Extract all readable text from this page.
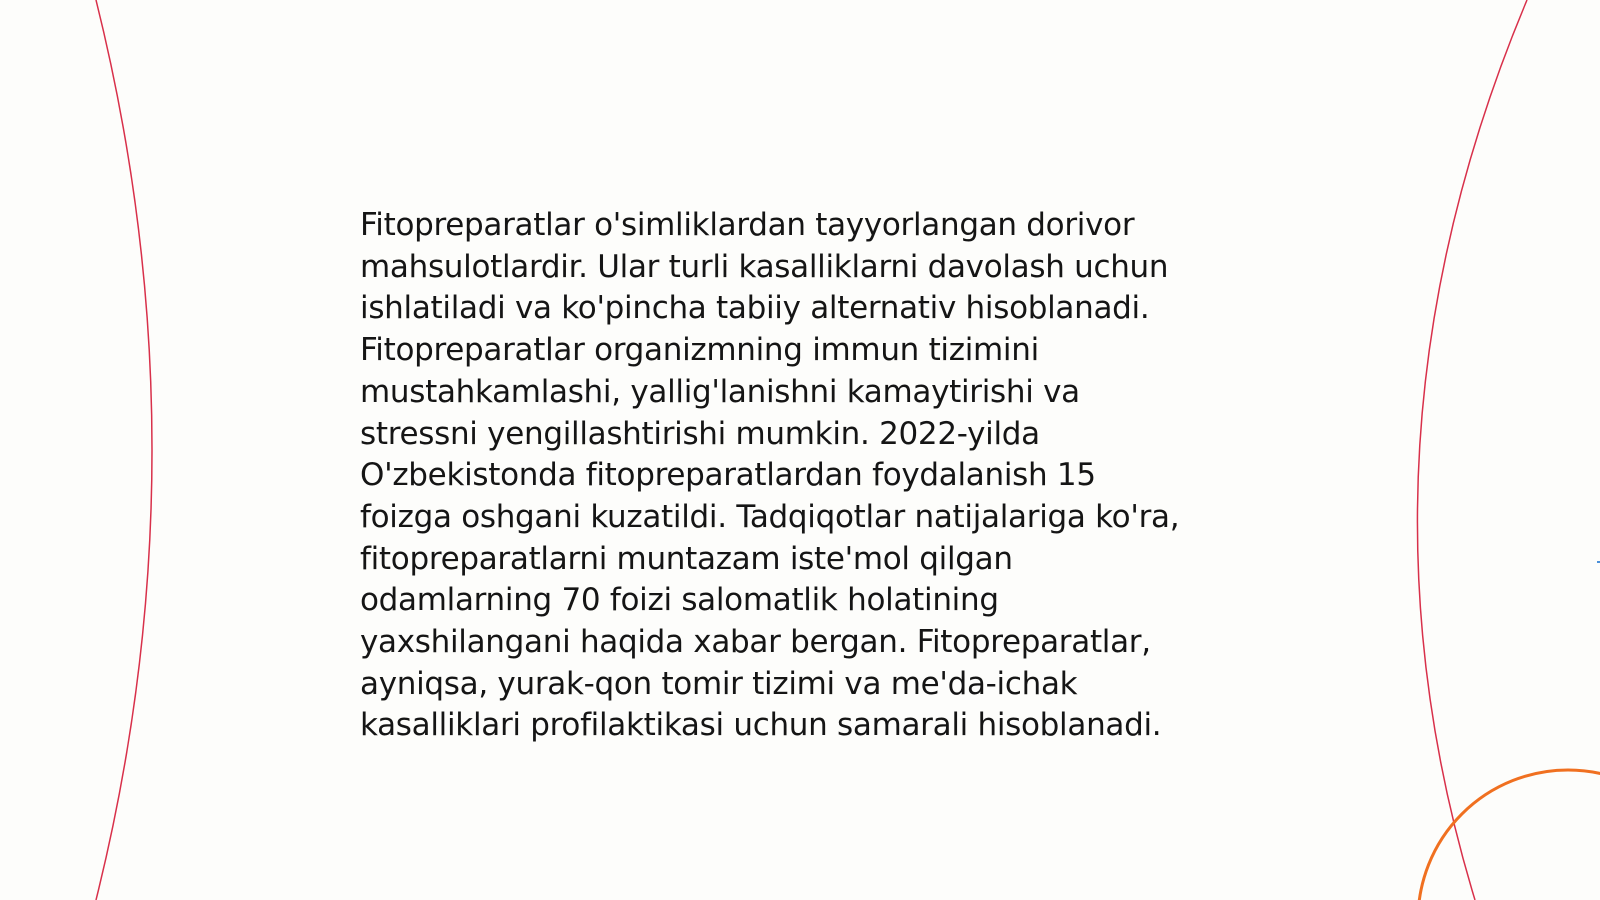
Fitopreparatlar o'simliklardan tayyorlangan dorivor
mahsulotlardir. Ular turli kasalliklarni davolash uchun
ishlatiladi va ko'pincha tabiiy alternativ hisoblanadi.
Fitopreparatlar organizmning immun tizimini
mustahkamlashi, yallig'lanishni kamaytirishi va
stressni yengillashtirishi mumkin. 2022-yilda
O'zbekistonda fitopreparatlardan foydalanish 15
foizga oshgani kuzatildi. Tadqiqotlar natijalariga ko'ra,
fitopreparatlarni muntazam iste'mol qilgan
odamlarning 70 foizi salomatlik holatining
yaxshilangani haqida xabar bergan. Fitopreparatlar,
ayniqsa, yurak-qon tomir tizimi va me'da-ichak
kasalliklari profilaktikasi uchun samarali hisoblanadi.
